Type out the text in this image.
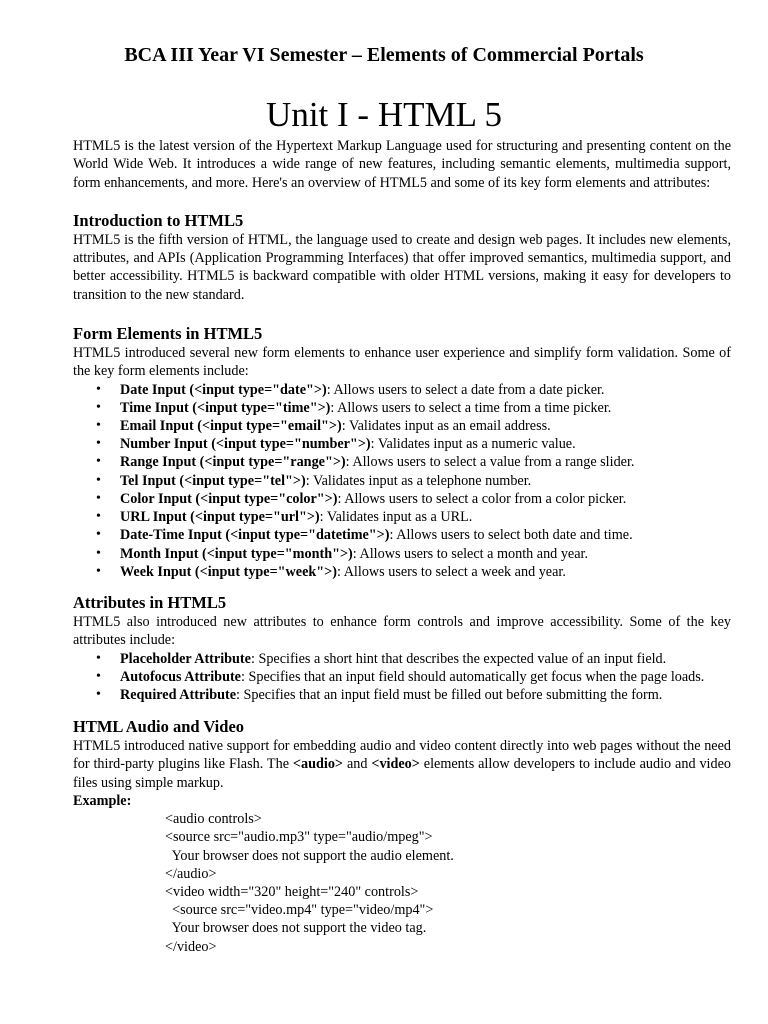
BCA III Year VI Semester – Elements of Commercial Portals
Unit I - HTML 5

HTML5 is the latest version of the Hypertext Markup Language used for structuring and presenting content on the World Wide Web. It introduces a wide range of new features, including semantic elements, multimedia support, form enhancements, and more. Here's an overview of HTML5 and some of its key form elements and attributes:

Introduction to HTML5

HTML5 is the fifth version of HTML, the language used to create and design web pages. It includes new elements, attributes, and APIs (Application Programming Interfaces) that offer improved semantics, multimedia support, and better accessibility. HTML5 is backward compatible with older HTML versions, making it easy for developers to transition to the new standard.

Form Elements in HTML5

HTML5 introduced several new form elements to enhance user experience and simplify form validation. Some of the key form elements include:

• Date Input (<input type="date">): Allows users to select a date from a date picker.
• Time Input (<input type="time">): Allows users to select a time from a time picker.
• Email Input (<input type="email">): Validates input as an email address.
• Number Input (<input type="number">): Validates input as a numeric value.
• Range Input (<input type="range">): Allows users to select a value from a range slider.
• Tel Input (<input type="tel">): Validates input as a telephone number.
• Color Input (<input type="color">): Allows users to select a color from a color picker.
• URL Input (<input type="url">): Validates input as a URL.
• Date-Time Input (<input type="datetime">): Allows users to select both date and time.
• Month Input (<input type="month">): Allows users to select a month and year.
• Week Input (<input type="week">): Allows users to select a week and year.
Attributes in HTML5

HTML5 also introduced new attributes to enhance form controls and improve accessibility. Some of the key attributes include:

• Placeholder Attribute: Specifies a short hint that describes the expected value of an input field.
• Autofocus Attribute: Specifies that an input field should automatically get focus when the page loads.
• Required Attribute: Specifies that an input field must be filled out before submitting the form.
HTML Audio and Video

HTML5 introduced native support for embedding audio and video content directly into web pages without the need for third-party plugins like Flash. The <audio> and <video> elements allow developers to include audio and video files using simple markup.

Example:
<audio controls>
<source src="audio.mp3" type="audio/mpeg">
Your browser does not support the audio element.
</audio>
<video width="320" height="240" controls>
<source src="video.mp4" type="video/mp4">
Your browser does not support the video tag.
</video>
